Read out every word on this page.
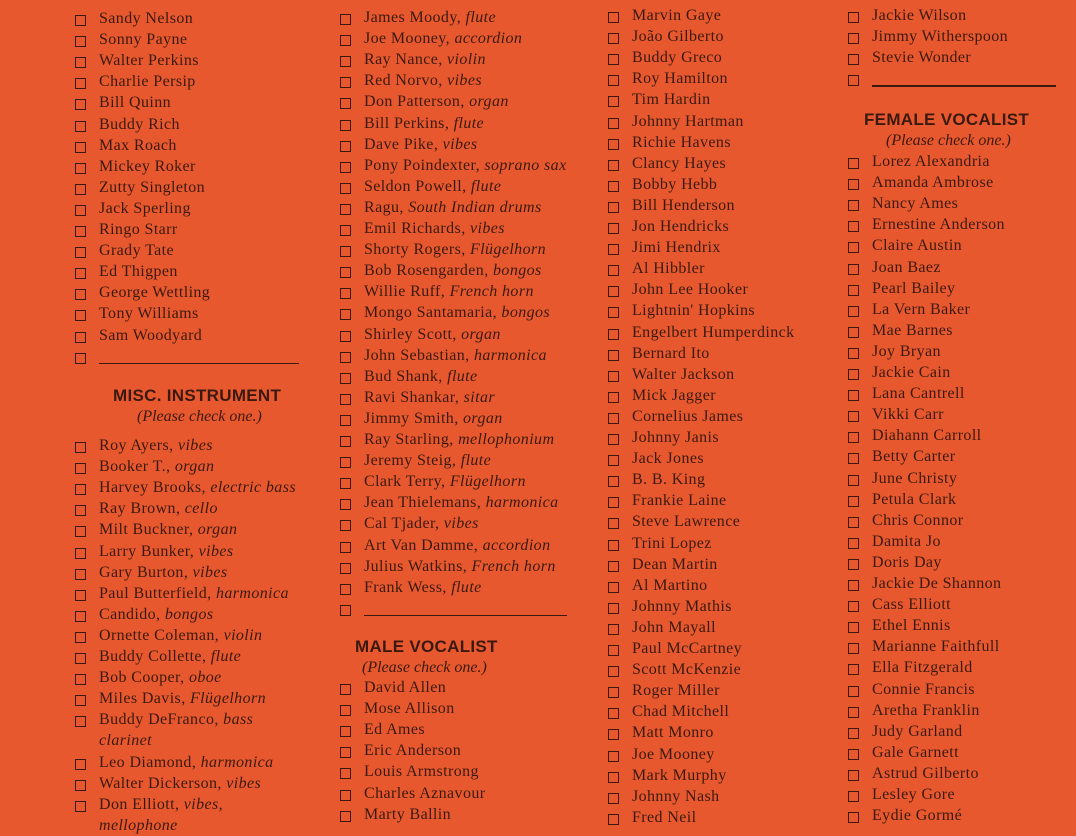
Sandy Nelson
Sonny Payne
Walter Perkins
Charlie Persip
Bill Quinn
Buddy Rich
Max Roach
Mickey Roker
Zutty Singleton
Jack Sperling
Ringo Starr
Grady Tate
Ed Thigpen
George Wettling
Tony Williams
Sam Woodyard
MISC. INSTRUMENT
(Please check one.)
Roy Ayers, vibes
Booker T., organ
Harvey Brooks, electric bass
Ray Brown, cello
Milt Buckner, organ
Larry Bunker, vibes
Gary Burton, vibes
Paul Butterfield, harmonica
Candido, bongos
Ornette Coleman, violin
Buddy Collette, flute
Bob Cooper, oboe
Miles Davis, Flügelhorn
Buddy DeFranco, bass
clarinet
Leo Diamond, harmonica
Walter Dickerson, vibes
Don Elliott, vibes,
mellophone
James Moody, flute
Joe Mooney, accordion
Ray Nance, violin
Red Norvo, vibes
Don Patterson, organ
Bill Perkins, flute
Dave Pike, vibes
Pony Poindexter, soprano sax
Seldon Powell, flute
Ragu, South Indian drums
Emil Richards, vibes
Shorty Rogers, Flügelhorn
Bob Rosengarden, bongos
Willie Ruff, French horn
Mongo Santamaria, bongos
Shirley Scott, organ
John Sebastian, harmonica
Bud Shank, flute
Ravi Shankar, sitar
Jimmy Smith, organ
Ray Starling, mellophonium
Jeremy Steig, flute
Clark Terry, Flügelhorn
Jean Thielemans, harmonica
Cal Tjader, vibes
Art Van Damme, accordion
Julius Watkins, French horn
Frank Wess, flute
MALE VOCALIST
(Please check one.)
David Allen
Mose Allison
Ed Ames
Eric Anderson
Louis Armstrong
Charles Aznavour
Marty Ballin
Marvin Gaye
João Gilberto
Buddy Greco
Roy Hamilton
Tim Hardin
Johnny Hartman
Richie Havens
Clancy Hayes
Bobby Hebb
Bill Henderson
Jon Hendricks
Jimi Hendrix
Al Hibbler
John Lee Hooker
Lightnin' Hopkins
Engelbert Humperdinck
Bernard Ito
Walter Jackson
Mick Jagger
Cornelius James
Johnny Janis
Jack Jones
B. B. King
Frankie Laine
Steve Lawrence
Trini Lopez
Dean Martin
Al Martino
Johnny Mathis
John Mayall
Paul McCartney
Scott McKenzie
Roger Miller
Chad Mitchell
Matt Monro
Joe Mooney
Mark Murphy
Johnny Nash
Fred Neil
Jackie Wilson
Jimmy Witherspoon
Stevie Wonder
FEMALE VOCALIST
(Please check one.)
Lorez Alexandria
Amanda Ambrose
Nancy Ames
Ernestine Anderson
Claire Austin
Joan Baez
Pearl Bailey
La Vern Baker
Mae Barnes
Joy Bryan
Jackie Cain
Lana Cantrell
Vikki Carr
Diahann Carroll
Betty Carter
June Christy
Petula Clark
Chris Connor
Damita Jo
Doris Day
Jackie De Shannon
Cass Elliott
Ethel Ennis
Marianne Faithfull
Ella Fitzgerald
Connie Francis
Aretha Franklin
Judy Garland
Gale Garnett
Astrud Gilberto
Lesley Gore
Eydie Gormé
